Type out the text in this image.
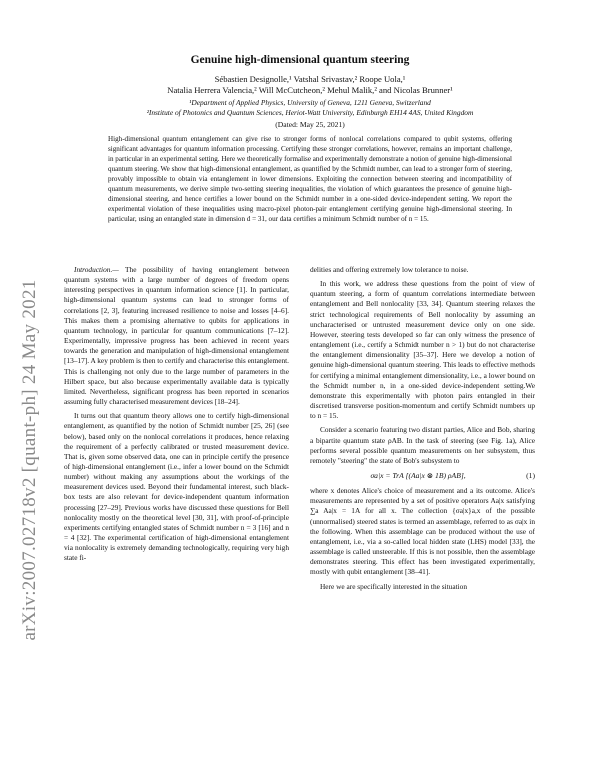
arXiv:2007.02718v2 [quant-ph] 24 May 2021
Genuine high-dimensional quantum steering
Sébastien Designolle,¹ Vatshal Srivastav,² Roope Uola,¹
Natalia Herrera Valencia,² Will McCutcheon,² Mehul Malik,² and Nicolas Brunner¹
¹Department of Applied Physics, University of Geneva, 1211 Geneva, Switzerland
²Institute of Photonics and Quantum Sciences, Heriot-Watt University, Edinburgh EH14 4AS, United Kingdom
(Dated: May 25, 2021)
High-dimensional quantum entanglement can give rise to stronger forms of nonlocal correlations compared to qubit systems, offering significant advantages for quantum information processing. Certifying these stronger correlations, however, remains an important challenge, in particular in an experimental setting. Here we theoretically formalise and experimentally demonstrate a notion of genuine high-dimensional quantum steering. We show that high-dimensional entanglement, as quantified by the Schmidt number, can lead to a stronger form of steering, provably impossible to obtain via entanglement in lower dimensions. Exploiting the connection between steering and incompatibility of quantum measurements, we derive simple two-setting steering inequalities, the violation of which guarantees the presence of genuine high-dimensional steering, and hence certifies a lower bound on the Schmidt number in a one-sided device-independent setting. We report the experimental violation of these inequalities using macro-pixel photon-pair entanglement certifying genuine high-dimensional steering. In particular, using an entangled state in dimension d = 31, our data certifies a minimum Schmidt number of n = 15.

Introduction.— The possibility of having entanglement between quantum systems with a large number of degrees of freedom opens interesting perspectives in quantum information science [1]. In particular, high-dimensional quantum systems can lead to stronger forms of correlations [2, 3], featuring increased resilience to noise and losses [4–6]. This makes them a promising alternative to qubits for applications in quantum technology, in particular for quantum communications [7–12]. Experimentally, impressive progress has been achieved in recent years towards the generation and manipulation of high-dimensional entanglement [13–17]. A key problem is then to certify and characterise this entanglement. This is challenging not only due to the large number of parameters in the Hilbert space, but also because experimentally available data is typically limited. Nevertheless, significant progress has been reported in scenarios assuming fully characterised measurement devices [18–24].

It turns out that quantum theory allows one to certify high-dimensional entanglement, as quantified by the notion of Schmidt number [25, 26] (see below), based only on the nonlocal correlations it produces, hence relaxing the requirement of a perfectly calibrated or trusted measurement device. That is, given some observed data, one can in principle certify the presence of high-dimensional entanglement (i.e., infer a lower bound on the Schmidt number) without making any assumptions about the workings of the measurement devices used. Beyond their fundamental interest, such black-box tests are also relevant for device-independent quantum information processing [27–29]. Previous works have discussed these questions for Bell nonlocality mostly on the theoretical level [30, 31], with proof-of-principle experiments certifying entangled states of Schmidt number n = 3 [16] and n = 4 [32]. The experimental certification of high-dimensional entanglement via nonlocality is extremely demanding technologically, requiring very high state fi-

delities and offering extremely low tolerance to noise.

In this work, we address these questions from the point of view of quantum steering, a form of quantum correlations intermediate between entanglement and Bell nonlocality [33, 34]. Quantum steering relaxes the strict technological requirements of Bell nonlocality by assuming an uncharacterised or untrusted measurement device only on one side. However, steering tests developed so far can only witness the presence of entanglement (i.e., certify a Schmidt number n > 1) but do not characterise the entanglement dimensionality [35–37]. Here we develop a notion of genuine high-dimensional quantum steering. This leads to effective methods for certifying a minimal entanglement dimensionality, i.e., a lower bound on the Schmidt number n, in a one-sided device-independent setting.We demonstrate this experimentally with photon pairs entangled in their discretised transverse position-momentum and certify Schmidt numbers up to n = 15.

Consider a scenario featuring two distant parties, Alice and Bob, sharing a bipartite quantum state ρAB. In the task of steering (see Fig. 1a), Alice performs several possible quantum measurements on her subsystem, thus remotely "steering" the state of Bob's subsystem to

σa|x = TrA [(Aa|x ⊗ 1B) ρAB],	(1)

where x denotes Alice's choice of measurement and a its outcome. Alice's measurements are represented by a set of positive operators Aa|x satisfying ∑a Aa|x = 1A for all x. The collection {σa|x}a,x of the possible (unnormalised) steered states is termed an assemblage, referred to as σa|x in the following. When this assemblage can be produced without the use of entanglement, i.e., via a so-called local hidden state (LHS) model [33], the assemblage is called unsteerable. If this is not possible, then the assemblage demonstrates steering. This effect has been investigated experimentally, mostly with qubit entanglement [38–41].

Here we are specifically interested in the situation
